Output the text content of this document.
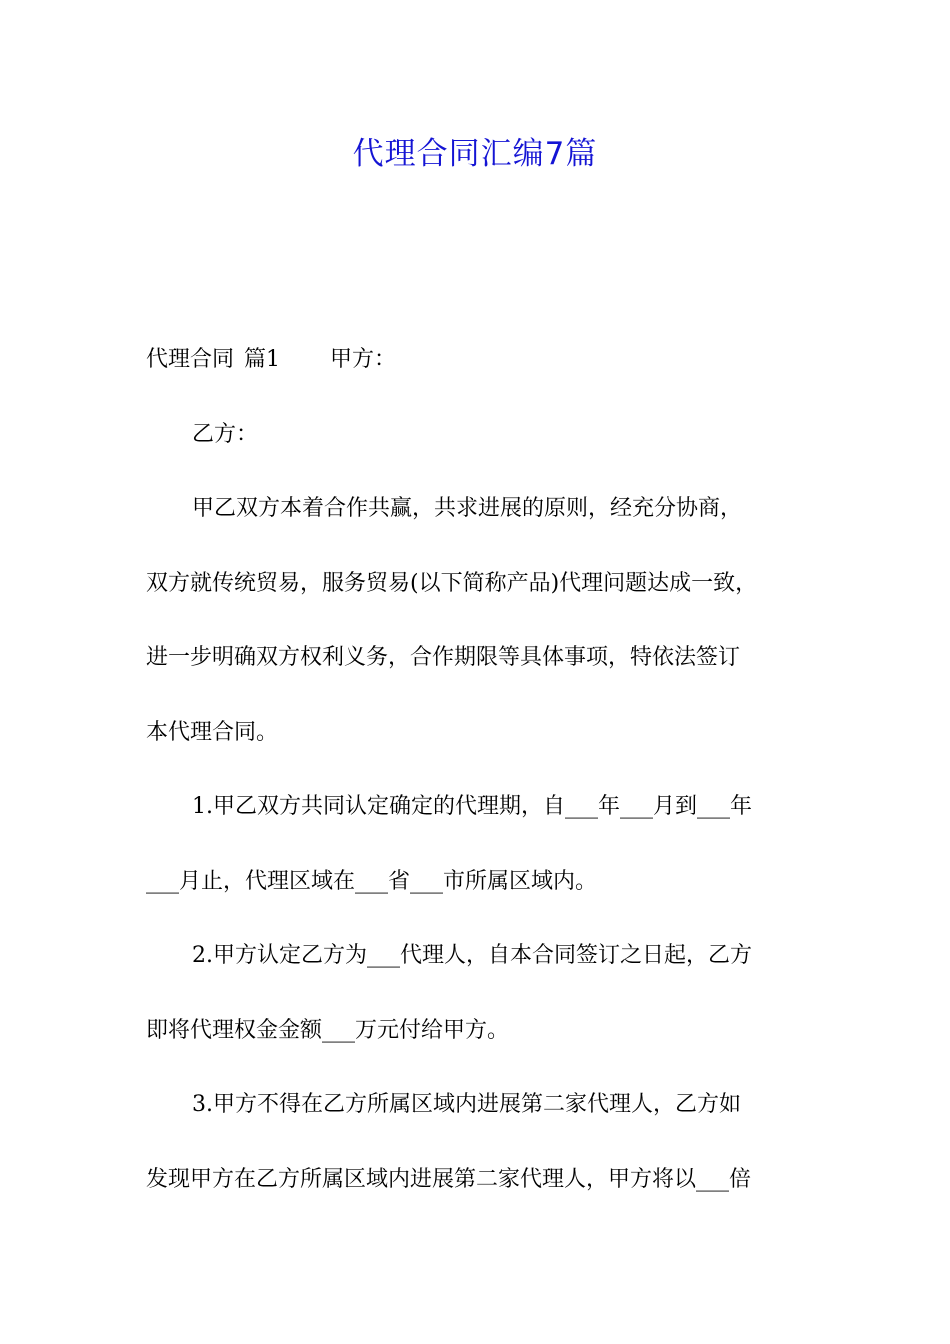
代理合同汇编7篇

代理合同 篇1 甲方：

乙方：

甲乙双方本着合作共赢，共求进展的原则，经充分协商，

双方就传统贸易，服务贸易(以下简称产品)代理问题达成一致，

进一步明确双方权利义务，合作期限等具体事项，特依法签订

本代理合同。

1.甲乙双方共同认定确定的代理期，自___年___月到___年

___月止，代理区域在___省___市所属区域内。

2.甲方认定乙方为___代理人，自本合同签订之日起，乙方

即将代理权金金额___万元付给甲方。

3.甲方不得在乙方所属区域内进展第二家代理人，乙方如

发现甲方在乙方所属区域内进展第二家代理人，甲方将以___倍
